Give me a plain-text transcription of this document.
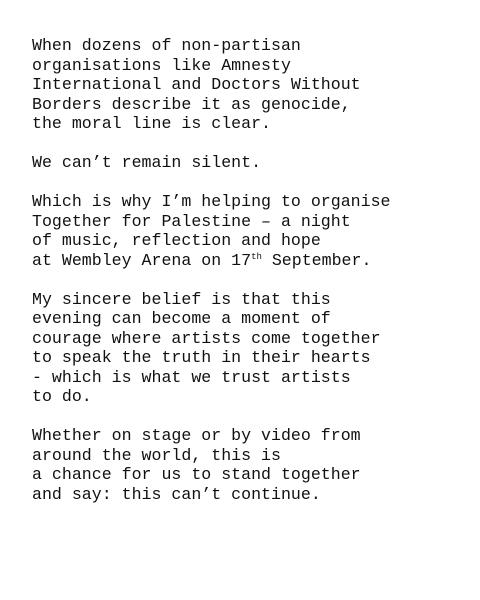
When dozens of non-partisan
organisations like Amnesty
International and Doctors Without
Borders describe it as genocide,
the moral line is clear.
We can’t remain silent.
Which is why I’m helping to organise
Together for Palestine – a night
of music, reflection and hope
at Wembley Arena on 17th September.
My sincere belief is that this
evening can become a moment of
courage where artists come together
to speak the truth in their hearts
- which is what we trust artists
to do.
Whether on stage or by video from
around the world, this is
a chance for us to stand together
and say: this can’t continue.
